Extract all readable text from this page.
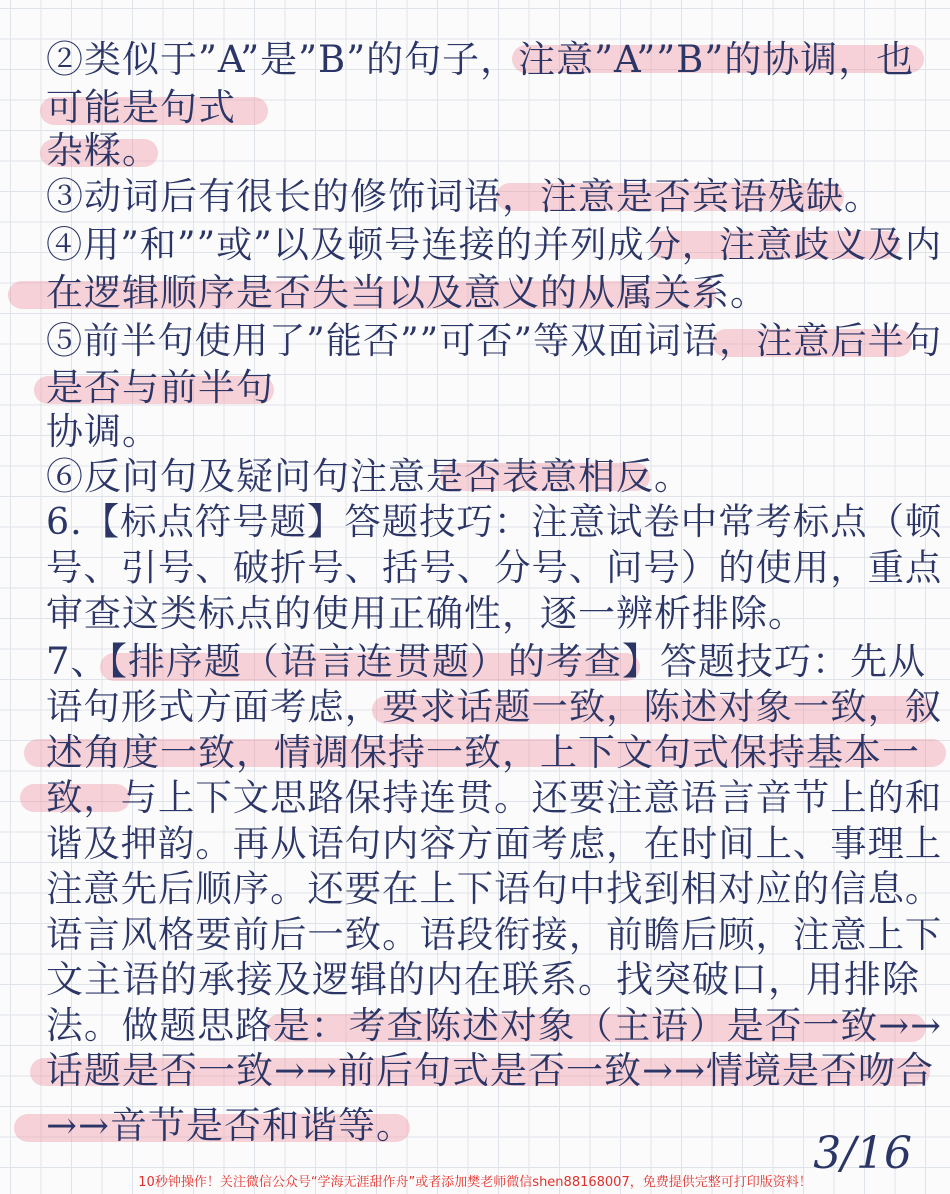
②类似于”A”是”B”的句子，注意”A””B”的协调，也
可能是句式
杂糅。
③动词后有很长的修饰词语，注意是否宾语残缺。
④用”和””或”以及顿号连接的并列成分，注意歧义及内
在逻辑顺序是否失当以及意义的从属关系。
⑤前半句使用了”能否””可否”等双面词语，注意后半句
是否与前半句
协调。
⑥反问句及疑问句注意是否表意相反。
6.【标点符号题】答题技巧：注意试卷中常考标点（顿
号、引号、破折号、括号、分号、问号）的使用，重点
审查这类标点的使用正确性，逐一辨析排除。
7、【排序题（语言连贯题）的考查】答题技巧：先从
语句形式方面考虑，要求话题一致，陈述对象一致，叙
述角度一致，情调保持一致，上下文句式保持基本一
致，与上下文思路保持连贯。还要注意语言音节上的和
谐及押韵。再从语句内容方面考虑，在时间上、事理上
注意先后顺序。还要在上下语句中找到相对应的信息。
语言风格要前后一致。语段衔接，前瞻后顾，注意上下
文主语的承接及逻辑的内在联系。找突破口，用排除
法。做题思路是：考查陈述对象（主语）是否一致→→
话题是否一致→→前后句式是否一致→→情境是否吻合
→→音节是否和谐等。
3/16
10秒钟操作！关注微信公众号“学海无涯甜作舟”或者添加樊老师微信shen88168007，免费提供完整可打印版资料！
